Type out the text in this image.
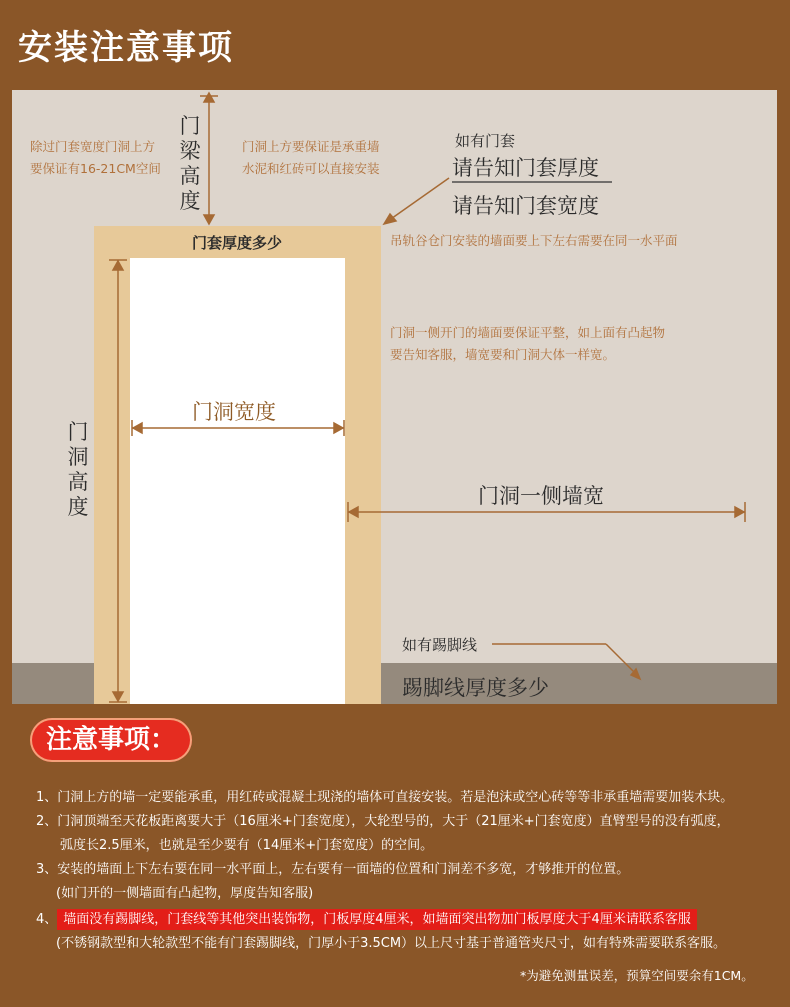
安装注意事项
除过门套宽度门洞上方
要保证有16-21CM空间
门
梁
高
度
门洞上方要保证是承重墙
水泥和红砖可以直接安装
如有门套
请告知门套厚度
请告知门套宽度
门套厚度多少	吊轨谷仓门安装的墙面要上下左右需要在同一水平面
门洞一侧开门的墙面要保证平整，如上面有凸起物
要告知客服，墙宽要和门洞大体一样宽。
门洞宽度
门
洞
高
度	门洞一侧墙宽
如有踢脚线
踢脚线厚度多少
注意事项：
1、门洞上方的墙一定要能承重，用红砖或混凝土现浇的墙体可直接安装。若是泡沫或空心砖等等非承重墙需要加装木块。
2、门洞顶端至天花板距离要大于（16厘米+门套宽度），大轮型号的，大于（21厘米+门套宽度）直臂型号的没有弧度，
弧度长2.5厘米，也就是至少要有（14厘米+门套宽度）的空间。
3、安装的墙面上下左右要在同一水平面上，左右要有一面墙的位置和门洞差不多宽，才够推开的位置。
(如门开的一侧墙面有凸起物，厚度告知客服)
4、 墙面没有踢脚线，门套线等其他突出装饰物，门板厚度4厘米，如墙面突出物加门板厚度大于4厘米请联系客服
(不锈钢款型和大轮款型不能有门套踢脚线，门厚小于3.5CM）以上尺寸基于普通管夹尺寸，如有特殊需要联系客服。
*为避免测量误差，预算空间要余有1CM。
